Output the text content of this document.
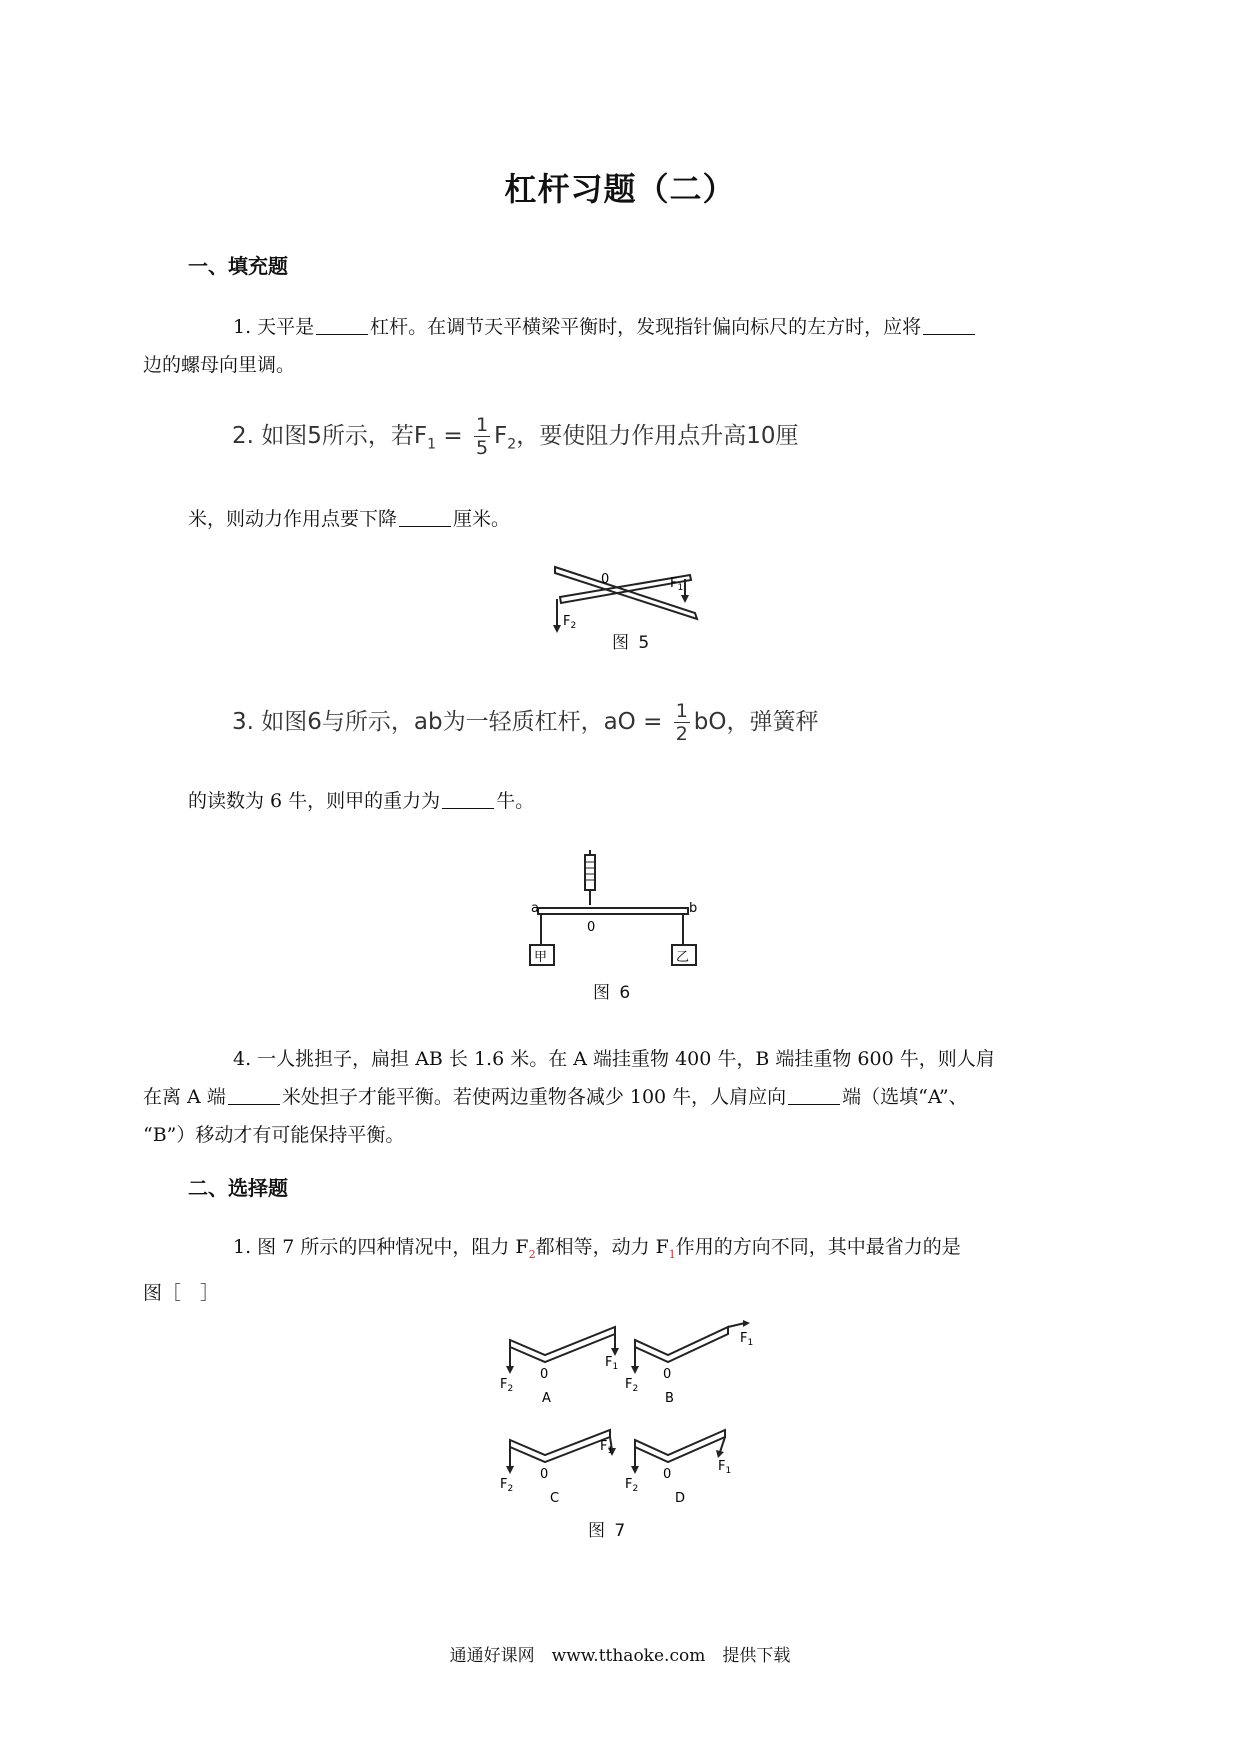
杠杆习题（二）
一、填充题
1. 天平是	杠杆。在调节天平横梁平衡时，发现指针偏向标尺的左方时，应将
边的螺母向里调。
2. 如图5所示，若$F_1 = \frac{1}{5} F_2$，要使阻力作用点升高10厘
米，则动力作用点要下降	厘米。
0	$F_1$
$F_2$
图 5
3. 如图6与所示，ab为一轻质杠杆，aO = $\frac{1}{2}$ bO，弹簧秤
的读数为 6 牛，则甲的重力为	牛。
a	b
0
甲	乙
图 6
4. 一人挑担子，扁担 AB 长 1.6 米。在 A 端挂重物 400 牛，B 端挂重物 600 牛，则人肩
在离 A 端	米处担子才能平衡。若使两边重物各减少 100 牛，人肩应向	端（选填“A”、
“B”）移动才有可能保持平衡。
二、选择题
1. 图 7 所示的四种情况中，阻力 $F_2$都相等，动力 $F_1$作用的方向不同，其中最省力的是
图［　］
0	0
0	0
$F_2$
$F_1$
$F_2$
$F_1$
$F_2$
$F_1$
$F_2$
$F_1$
A	B
C	D
图 7
通通好课网　www.tthaoke.com　提供下载
